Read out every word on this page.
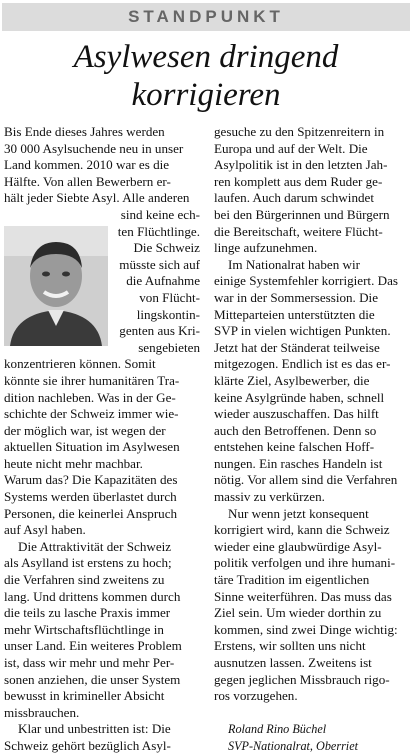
STANDPUNKT
Asylwesen dringend
korrigieren
Bis Ende dieses Jahres werden
30 000 Asylsuchende neu in unser
Land kommen. 2010 war es die
Hälfte. Von allen Bewerbern er-
hält jeder Siebte Asyl. Alle anderen
sind keine ech-
ten Flüchtlinge.
Die Schweiz
müsste sich auf
die Aufnahme
von Flücht-
lingskontin-
genten aus Kri-
sengebieten
konzentrieren können. Somit
könnte sie ihrer humanitären Tra-
dition nachleben. Was in der Ge-
schichte der Schweiz immer wie-
der möglich war, ist wegen der
aktuellen Situation im Asylwesen
heute nicht mehr machbar.
Warum das? Die Kapazitäten des
Systems werden überlastet durch
Personen, die keinerlei Anspruch
auf Asyl haben.
Die Attraktivität der Schweiz
als Asylland ist erstens zu hoch;
die Verfahren sind zweitens zu
lang. Und drittens kommen durch
die teils zu lasche Praxis immer
mehr Wirtschaftsflüchtlinge in
unser Land. Ein weiteres Problem
ist, dass wir mehr und mehr Per-
sonen anziehen, die unser System
bewusst in krimineller Absicht
missbrauchen.
Klar und unbestritten ist: Die
Schweiz gehört bezüglich Asyl-
gesuche zu den Spitzenreitern in
Europa und auf der Welt. Die
Asylpolitik ist in den letzten Jah-
ren komplett aus dem Ruder ge-
laufen. Auch darum schwindet
bei den Bürgerinnen und Bürgern
die Bereitschaft, weitere Flücht-
linge aufzunehmen.
Im Nationalrat haben wir
einige Systemfehler korrigiert. Das
war in der Sommersession. Die
Mitteparteien unterstützten die
SVP in vielen wichtigen Punkten.
Jetzt hat der Ständerat teilweise
mitgezogen. Endlich ist es das er-
klärte Ziel, Asylbewerber, die
keine Asylgründe haben, schnell
wieder auszuschaffen. Das hilft
auch den Betroffenen. Denn so
entstehen keine falschen Hoff-
nungen. Ein rasches Handeln ist
nötig. Vor allem sind die Verfahren
massiv zu verkürzen.
Nur wenn jetzt konsequent
korrigiert wird, kann die Schweiz
wieder eine glaubwürdige Asyl-
politik verfolgen und ihre humani-
täre Tradition im eigentlichen
Sinne weiterführen. Das muss das
Ziel sein. Um wieder dorthin zu
kommen, sind zwei Dinge wichtig:
Erstens, wir sollten uns nicht
ausnutzen lassen. Zweitens ist
gegen jeglichen Missbrauch rigo-
ros vorzugehen.
Roland Rino Büchel
SVP-Nationalrat, Oberriet
